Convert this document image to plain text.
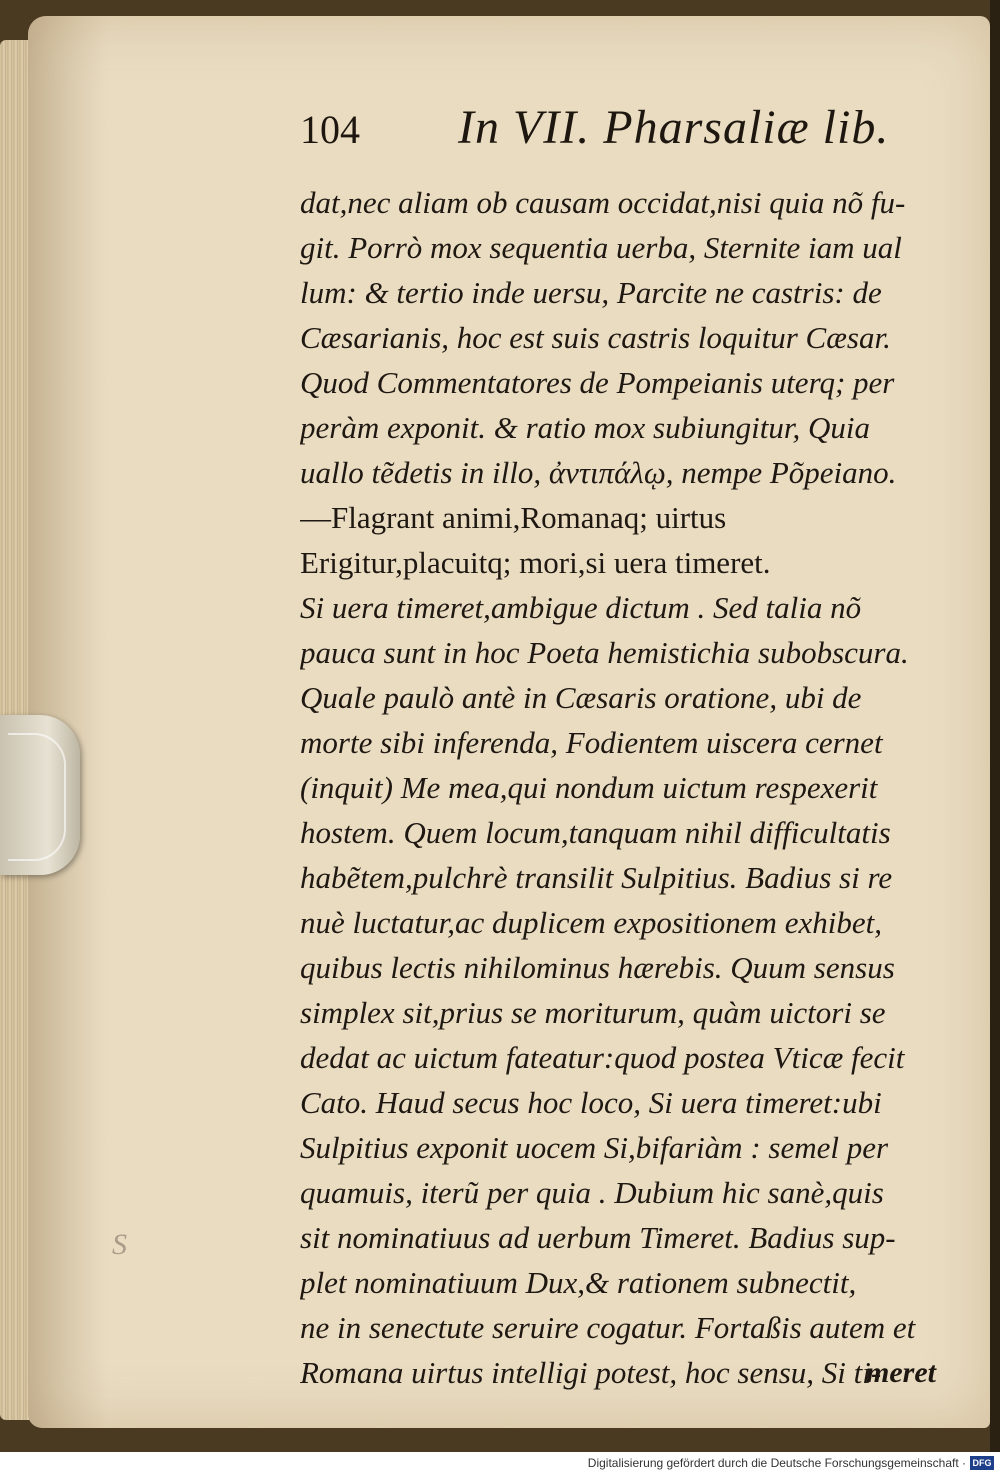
104 In VII. Pharsaliæ lib.
dat,nec aliam ob causam occidat,nisi quia nõ fu-
git. Porrò mox sequentia uerba, Sternite iam ual
lum: & tertio inde uersu, Parcite ne castris: de
Cæsarianis, hoc est suis castris loquitur Cæsar.
Quod Commentatores de Pompeianis uterq; per
peràm exponit. & ratio mox subiungitur, Quia
uallo tẽdetis in illo, ἀντιπάλῳ, nempe Põpeiano.
—Flagrant animi,Romanaq; uirtus
Erigitur,placuitq; mori,si uera timeret.
Si uera timeret,ambigue dictum . Sed talia nõ
pauca sunt in hoc Poeta hemistichia subobscura.
Quale paulò antè in Cæsaris oratione, ubi de
morte sibi inferenda, Fodientem uiscera cernet
(inquit) Me mea,qui nondum uictum respexerit
hostem. Quem locum,tanquam nihil difficultatis
habẽtem,pulchrè transilit Sulpitius. Badius si re
nuè luctatur,ac duplicem expositionem exhibet,
quibus lectis nihilominus hærebis. Quum sensus
simplex sit,prius se moriturum, quàm uictori se
dedat ac uictum fateatur:quod postea Vticæ fecit
Cato. Haud secus hoc loco, Si uera timeret:ubi
Sulpitius exponit uocem Si,bifariàm : semel per
quamuis, iterũ per quia . Dubium hic sanè,quis
sit nominatiuus ad uerbum Timeret. Badius sup-
plet nominatiuum Dux,& rationem subnectit,
ne in senectute seruire cogatur. Fortaßis autem et
Romana uirtus intelligi potest, hoc sensu, Si ti-
meret
S
Digitalisierung gefördert durch die Deutsche Forschungsgemeinschaft · DFG
